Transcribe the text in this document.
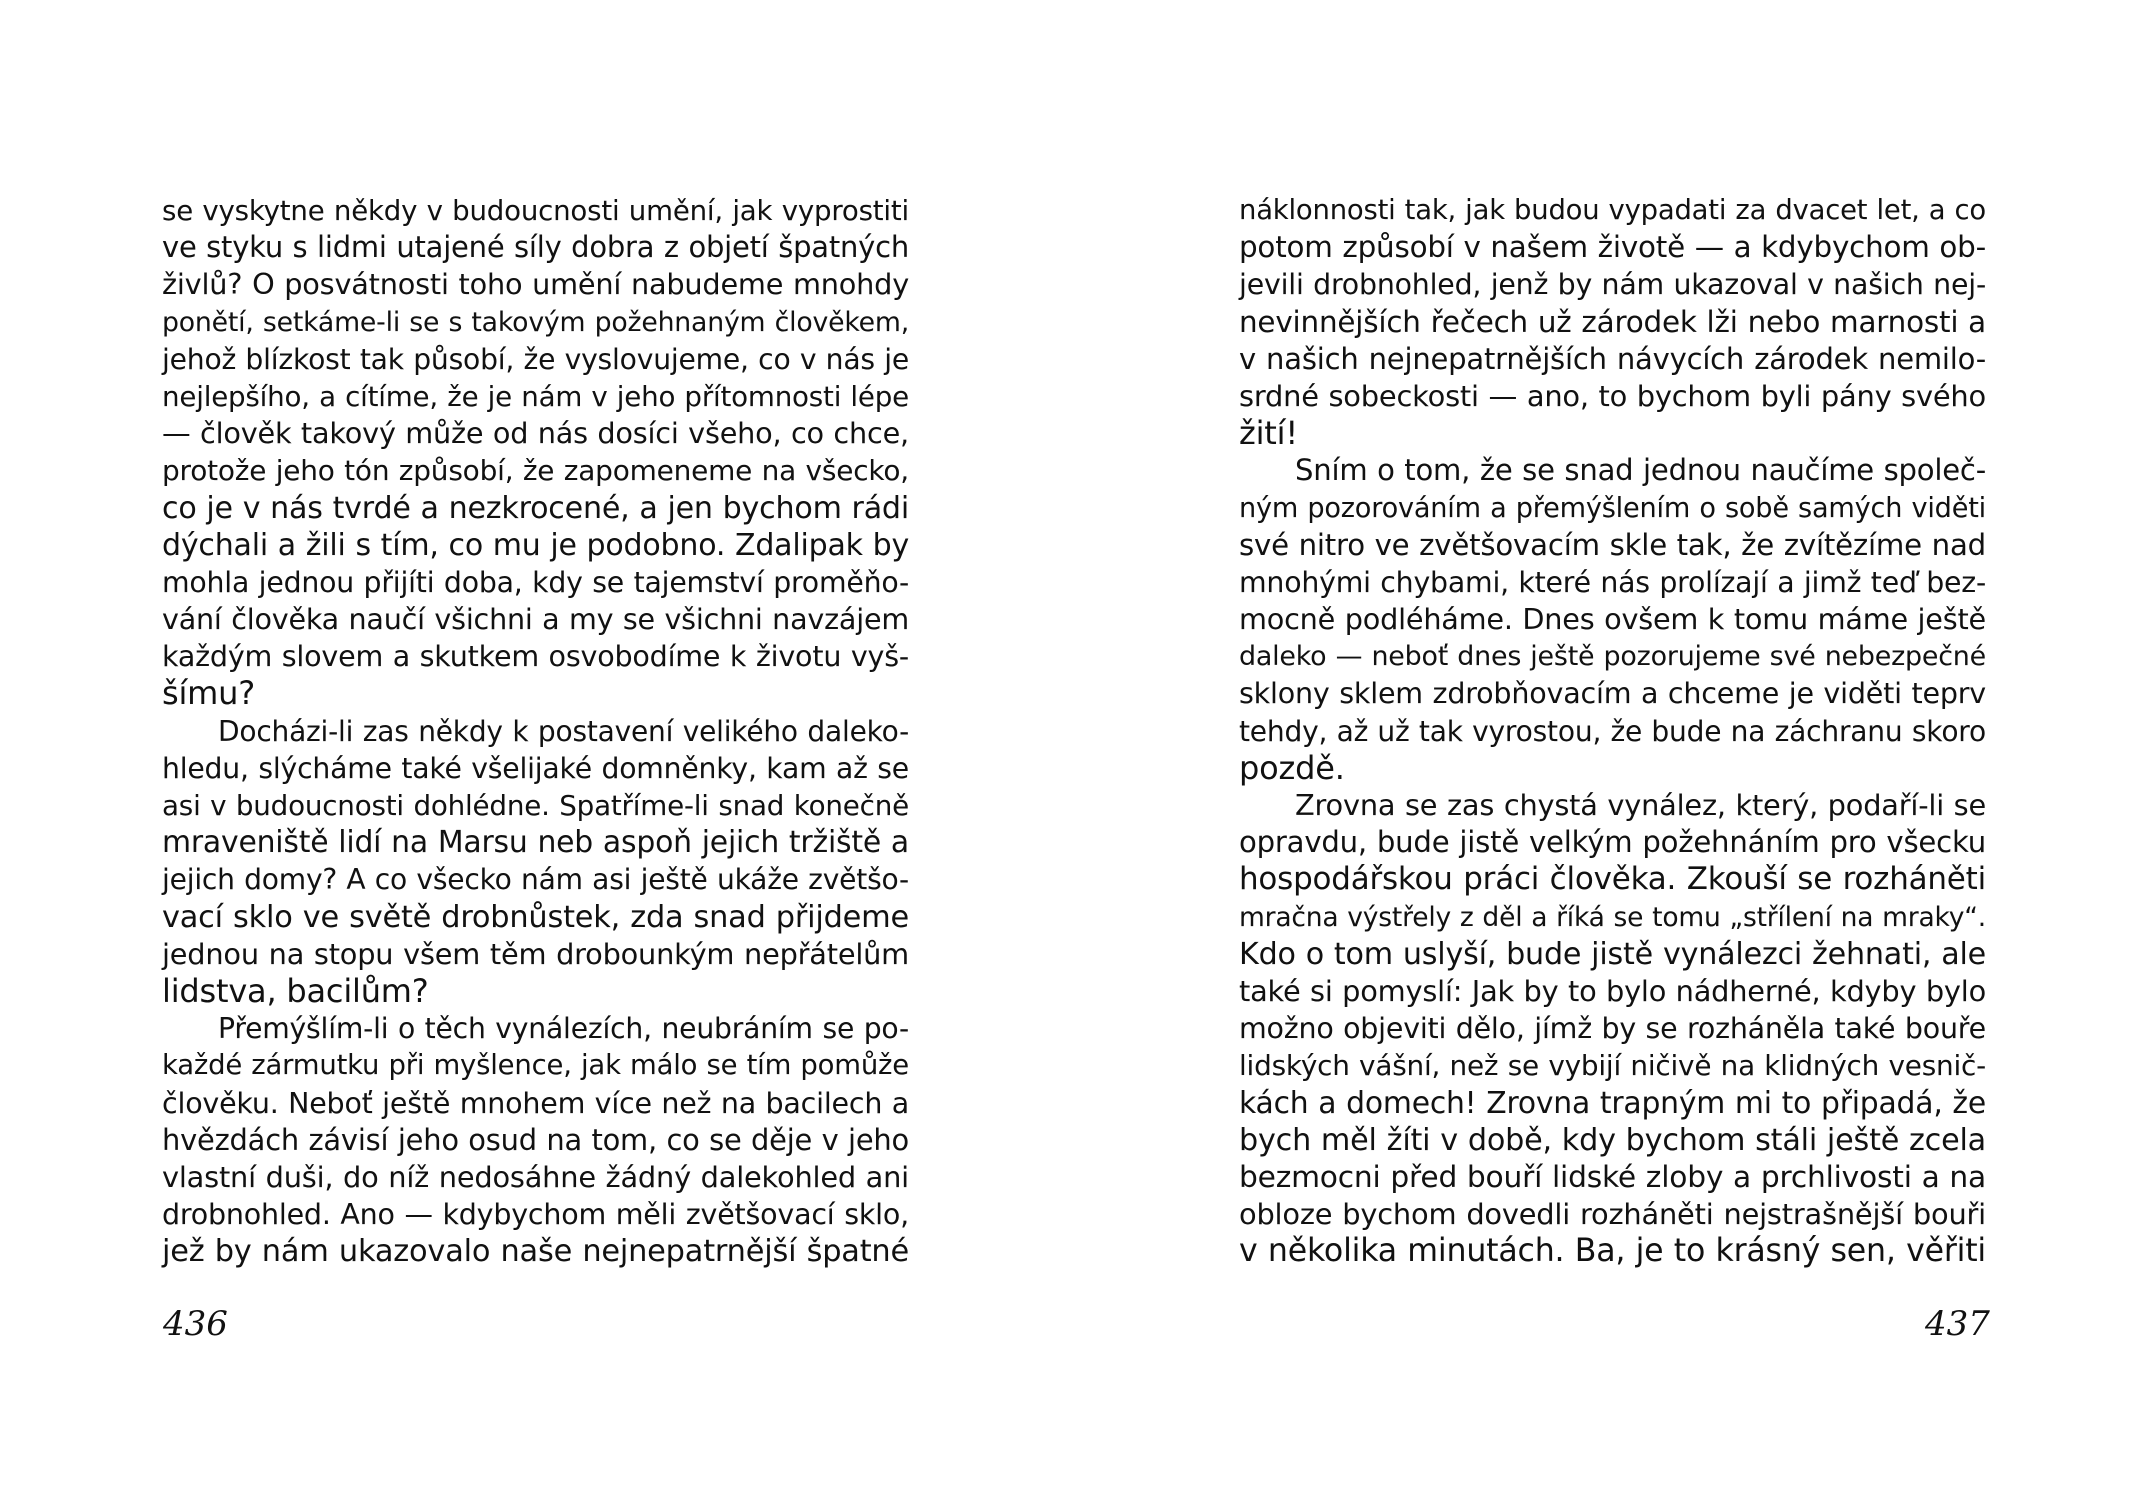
se vyskytne někdy v budoucnosti umění, jak vyprostiti
ve styku s lidmi utajené síly dobra z objetí špatných
živlů? O posvátnosti toho umění nabudeme mnohdy
ponětí, setkáme-li se s takovým požehnaným člověkem,
jehož blízkost tak působí, že vyslovujeme, co v nás je
nejlepšího, a cítíme, že je nám v jeho přítomnosti lépe
— člověk takový může od nás dosíci všeho, co chce,
protože jeho tón způsobí, že zapomeneme na všecko,
co je v nás tvrdé a nezkrocené, a jen bychom rádi
dýchali a žili s tím, co mu je podobno. Zdalipak by
mohla jednou přijíti doba, kdy se tajemství proměňo-
vání člověka naučí všichni a my se všichni navzájem
každým slovem a skutkem osvobodíme k životu vyš-
šímu?
Docházi-li zas někdy k postavení velikého daleko-
hledu, slýcháme také všelijaké domněnky, kam až se
asi v budoucnosti dohlédne. Spatříme-li snad konečně
mraveniště lidí na Marsu neb aspoň jejich tržiště a
jejich domy? A co všecko nám asi ještě ukáže zvětšo-
vací sklo ve světě drobnůstek, zda snad přijdeme
jednou na stopu všem těm drobounkým nepřátelům
lidstva, bacilům?
Přemýšlím-li o těch vynálezích, neubráním se po-
každé zármutku při myšlence, jak málo se tím pomůže
člověku. Neboť ještě mnohem více než na bacilech a
hvězdách závisí jeho osud na tom, co se děje v jeho
vlastní duši, do níž nedosáhne žádný dalekohled ani
drobnohled. Ano — kdybychom měli zvětšovací sklo,
jež by nám ukazovalo naše nejnepatrnější špatné
436
náklonnosti tak, jak budou vypadati za dvacet let, a co
potom způsobí v našem životě — a kdybychom ob-
jevili drobnohled, jenž by nám ukazoval v našich nej-
nevinnějších řečech už zárodek lži nebo marnosti a
v našich nejnepatrnějších návycích zárodek nemilo-
srdné sobeckosti — ano, to bychom byli pány svého
žití!
Sním o tom, že se snad jednou naučíme společ-
ným pozorováním a přemýšlením o sobě samých viděti
své nitro ve zvětšovacím skle tak, že zvítězíme nad
mnohými chybami, které nás prolízají a jimž teď bez-
mocně podléháme. Dnes ovšem k tomu máme ještě
daleko — neboť dnes ještě pozorujeme své nebezpečné
sklony sklem zdrobňovacím a chceme je viděti teprv
tehdy, až už tak vyrostou, že bude na záchranu skoro
pozdě.
Zrovna se zas chystá vynález, který, podaří-li se
opravdu, bude jistě velkým požehnáním pro všecku
hospodářskou práci člověka. Zkouší se rozháněti
mračna výstřely z děl a říká se tomu „střílení na mraky“.
Kdo o tom uslyší, bude jistě vynálezci žehnati, ale
také si pomyslí: Jak by to bylo nádherné, kdyby bylo
možno objeviti dělo, jímž by se rozháněla také bouře
lidských vášní, než se vybijí ničivě na klidných vesnič-
kách a domech! Zrovna trapným mi to připadá, že
bych měl žíti v době, kdy bychom stáli ještě zcela
bezmocni před bouří lidské zloby a prchlivosti a na
obloze bychom dovedli rozháněti nejstrašnější bouři
v několika minutách. Ba, je to krásný sen, věřiti
437
